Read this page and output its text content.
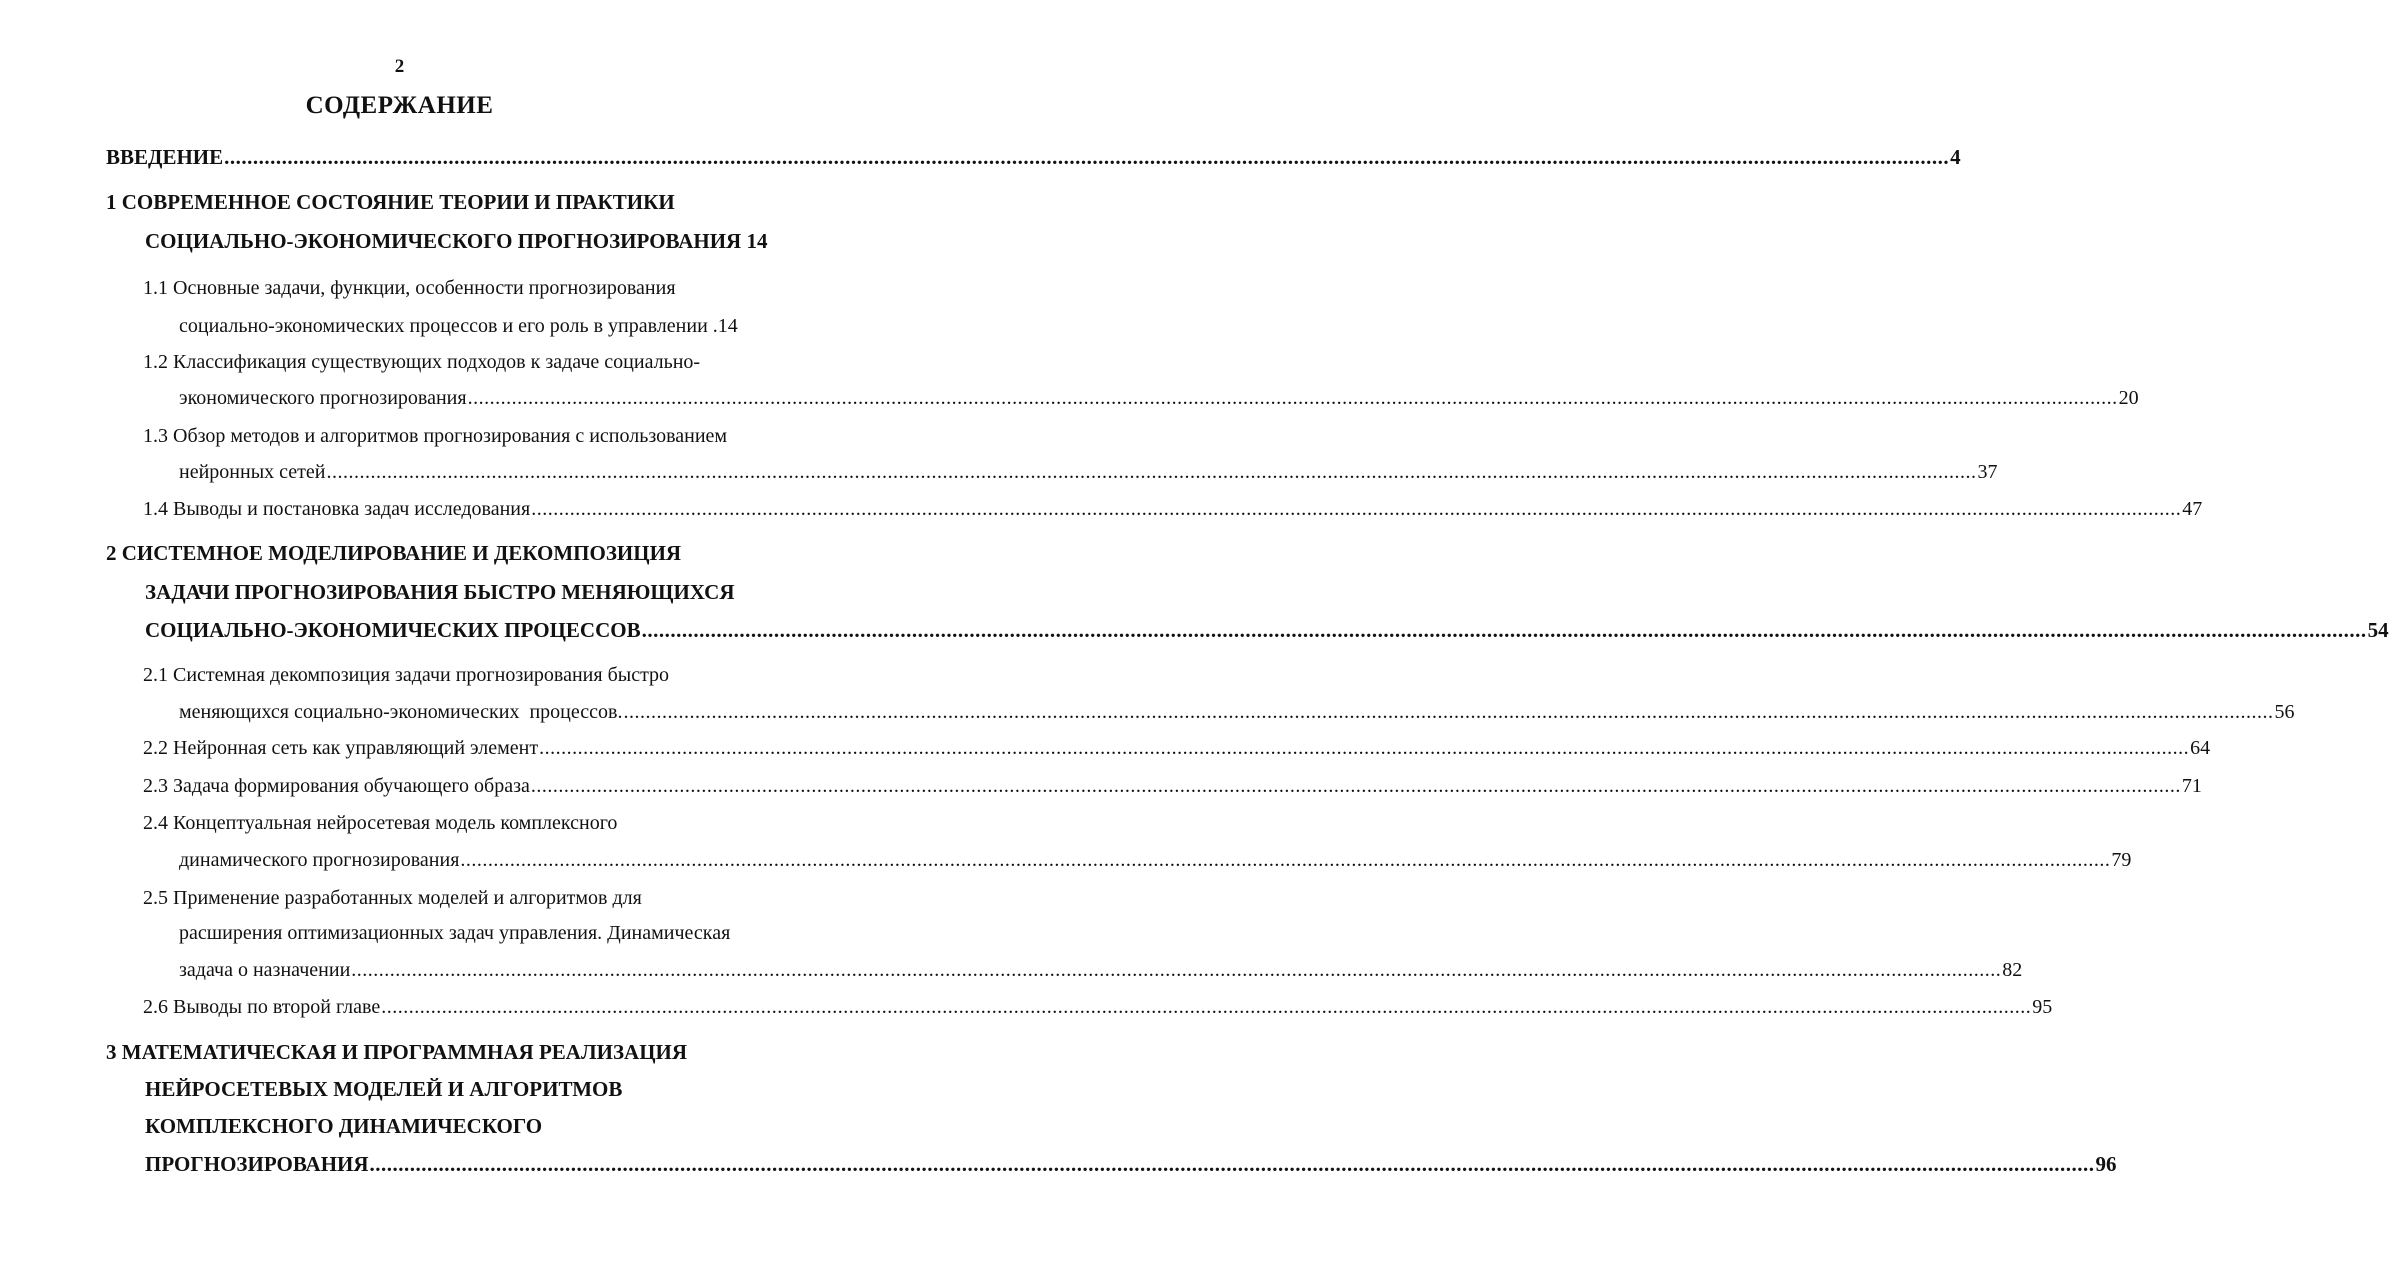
2
СОДЕРЖАНИЕ
ВВЕДЕНИЕ ............................................................................................................................................................................................................................................................................................................ 4
1 СОВРЕМЕННОЕ СОСТОЯНИЕ ТЕОРИИ И ПРАКТИКИ
СОЦИАЛЬНО-ЭКОНОМИЧЕСКОГО ПРОГНОЗИРОВАНИЯ 14
1.1 Основные задачи, функции, особенности прогнозирования
социально-экономических процессов и его роль в управлении .14
1.2 Классификация существующих подходов к задаче социально-
экономического прогнозирования ............................................................................................................................................................................................................................................................................................................ 20
1.3 Обзор методов и алгоритмов прогнозирования с использованием
нейронных сетей ............................................................................................................................................................................................................................................................................................................ 37
1.4 Выводы и постановка задач исследования ............................................................................................................................................................................................................................................................................................................ 47
2 СИСТЕМНОЕ МОДЕЛИРОВАНИЕ И ДЕКОМПОЗИЦИЯ
ЗАДАЧИ ПРОГНОЗИРОВАНИЯ БЫСТРО МЕНЯЮЩИХСЯ
СОЦИАЛЬНО-ЭКОНОМИЧЕСКИХ ПРОЦЕССОВ ............................................................................................................................................................................................................................................................................................................ 54
2.1 Системная декомпозиция задачи прогнозирования быстро
меняющихся социально-экономических  процессов. ............................................................................................................................................................................................................................................................................................................ 56
2.2 Нейронная сеть как управляющий элемент ............................................................................................................................................................................................................................................................................................................ 64
2.3 Задача формирования обучающего образа ............................................................................................................................................................................................................................................................................................................ 71
2.4 Концептуальная нейросетевая модель комплексного
динамического прогнозирования ............................................................................................................................................................................................................................................................................................................ 79
2.5 Применение разработанных моделей и алгоритмов для
расширения оптимизационных задач управления. Динамическая
задача о назначении ............................................................................................................................................................................................................................................................................................................ 82
2.6 Выводы по второй главе ............................................................................................................................................................................................................................................................................................................ 95
3 МАТЕМАТИЧЕСКАЯ И ПРОГРАММНАЯ РЕАЛИЗАЦИЯ
НЕЙРОСЕТЕВЫХ МОДЕЛЕЙ И АЛГОРИТМОВ
КОМПЛЕКСНОГО ДИНАМИЧЕСКОГО
ПРОГНОЗИРОВАНИЯ ............................................................................................................................................................................................................................................................................................................ 96
